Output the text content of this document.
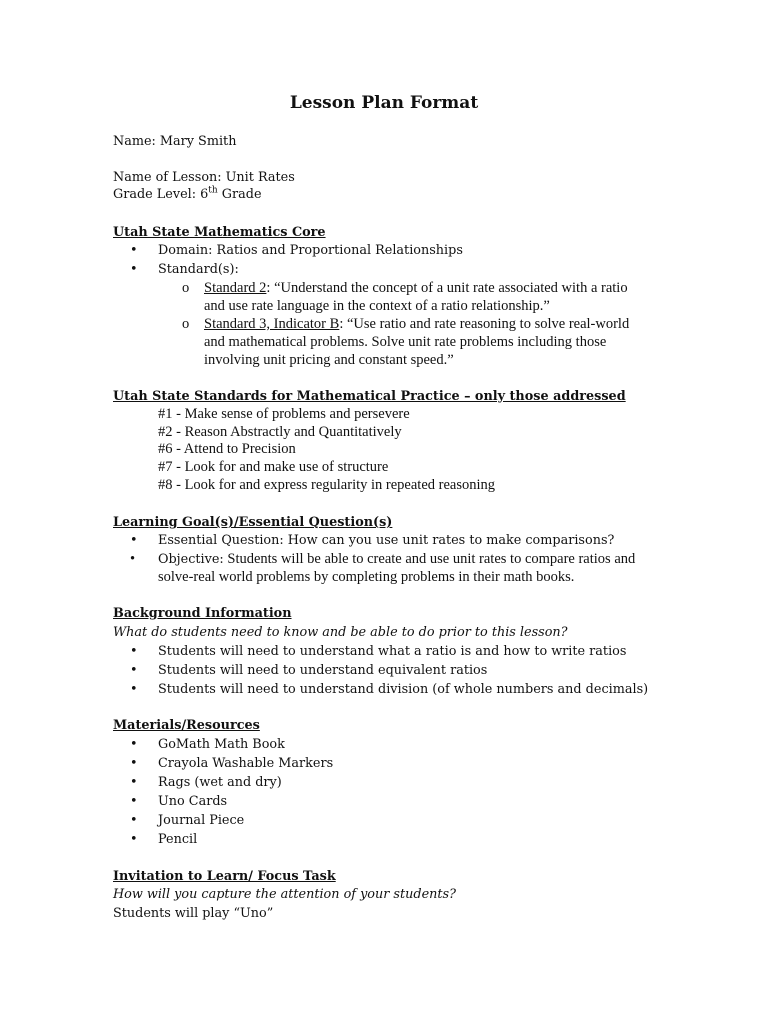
Lesson Plan Format
Name: Mary Smith
Name of Lesson: Unit Rates
Grade Level: 6th Grade
Utah State Mathematics Core
• Domain: Ratios and Proportional Relationships
• Standard(s):
o Standard 2: “Understand the concept of a unit rate associated with a ratio
and use rate language in the context of a ratio relationship.”
o Standard 3, Indicator B: “Use ratio and rate reasoning to solve real-world
and mathematical problems. Solve unit rate problems including those
involving unit pricing and constant speed.”
Utah State Standards for Mathematical Practice – only those addressed
#1 - Make sense of problems and persevere
#2 - Reason Abstractly and Quantitatively
#6 - Attend to Precision
#7 - Look for and make use of structure
#8 - Look for and express regularity in repeated reasoning
Learning Goal(s)/Essential Question(s)
• Essential Question: How can you use unit rates to make comparisons?
• Objective: Students will be able to create and use unit rates to compare ratios and
solve-real world problems by completing problems in their math books.
Background Information
What do students need to know and be able to do prior to this lesson?
• Students will need to understand what a ratio is and how to write ratios
• Students will need to understand equivalent ratios
• Students will need to understand division (of whole numbers and decimals)
Materials/Resources
• GoMath Math Book
• Crayola Washable Markers
• Rags (wet and dry)
• Uno Cards
• Journal Piece
• Pencil
Invitation to Learn/ Focus Task
How will you capture the attention of your students?
Students will play “Uno”
